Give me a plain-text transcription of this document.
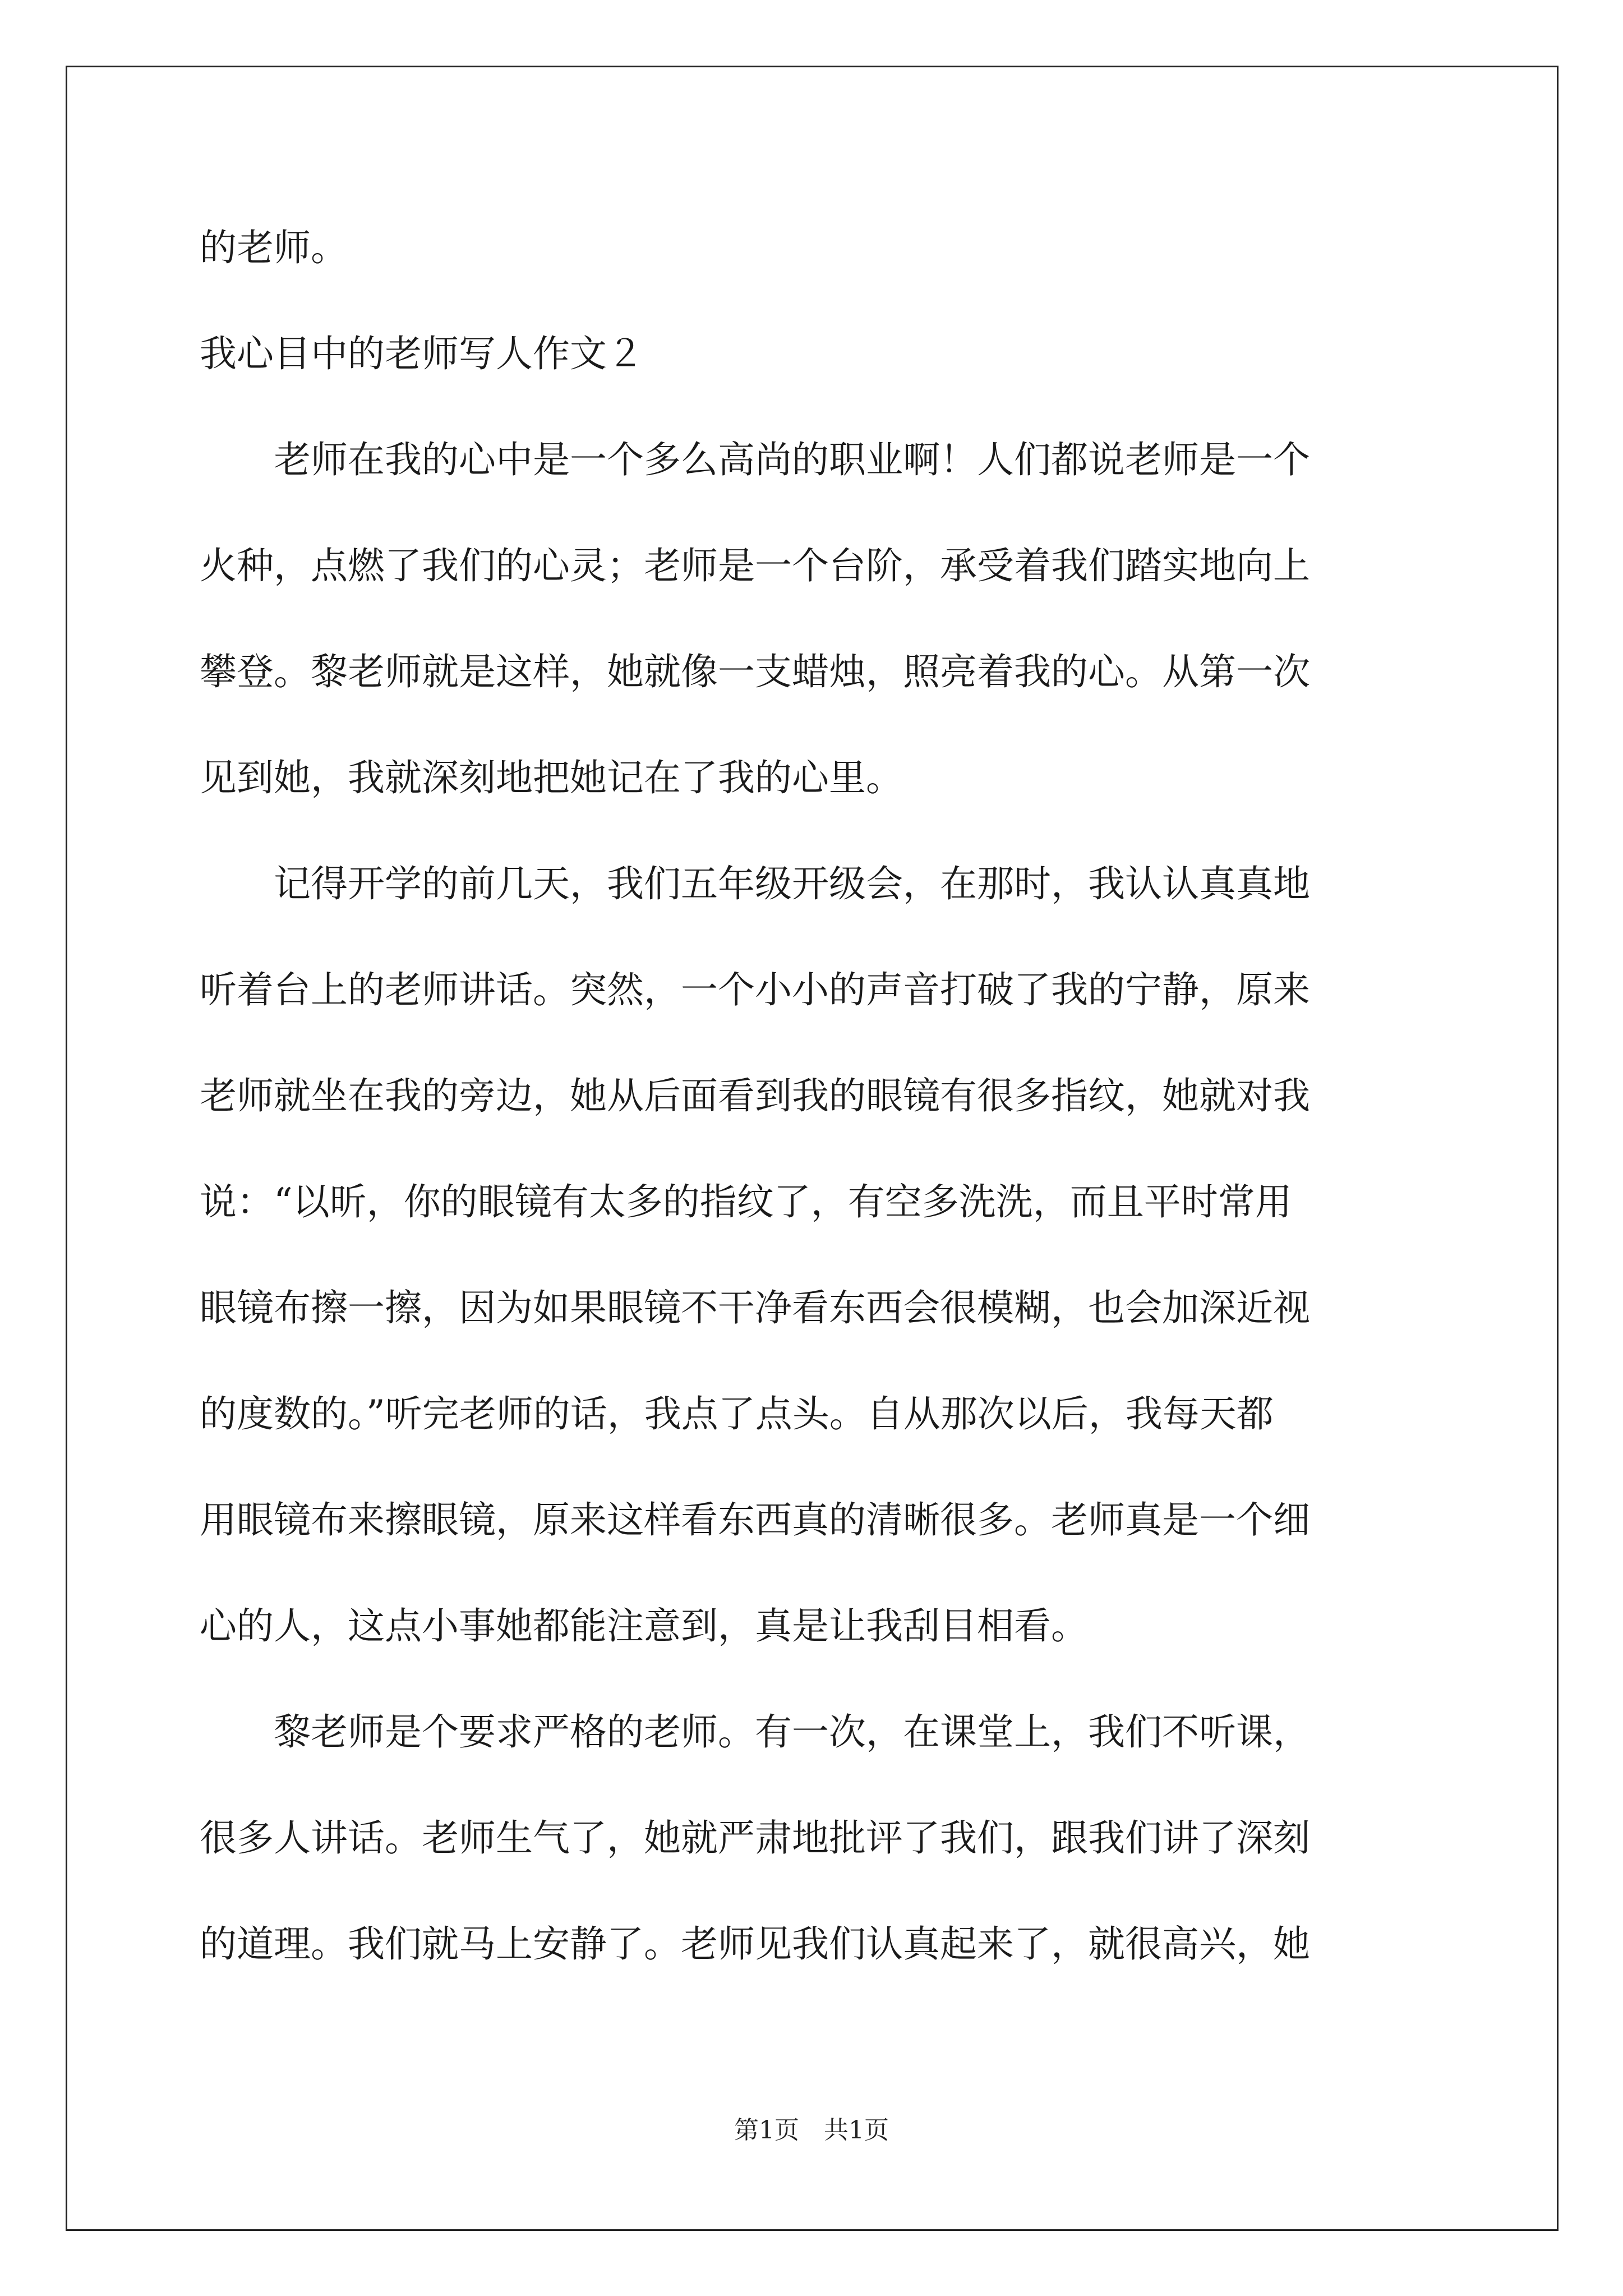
的老师。
我心目中的老师写人作文２
　　老师在我的心中是一个多么高尚的职业啊！人们都说老师是一个
火种，点燃了我们的心灵；老师是一个台阶，承受着我们踏实地向上
攀登。黎老师就是这样，她就像一支蜡烛，照亮着我的心。从第一次
见到她，我就深刻地把她记在了我的心里。
　　记得开学的前几天，我们五年级开级会，在那时，我认认真真地
听着台上的老师讲话。突然，一个小小的声音打破了我的宁静，原来
老师就坐在我的旁边，她从后面看到我的眼镜有很多指纹，她就对我
说：“以昕，你的眼镜有太多的指纹了，有空多洗洗，而且平时常用
眼镜布擦一擦，因为如果眼镜不干净看东西会很模糊，也会加深近视
的度数的。”听完老师的话，我点了点头。自从那次以后，我每天都
用眼镜布来擦眼镜，原来这样看东西真的清晰很多。老师真是一个细
心的人，这点小事她都能注意到，真是让我刮目相看。
　　黎老师是个要求严格的老师。有一次，在课堂上，我们不听课，
很多人讲话。老师生气了，她就严肃地批评了我们，跟我们讲了深刻
的道理。我们就马上安静了。老师见我们认真起来了，就很高兴，她
第1页　共1页
